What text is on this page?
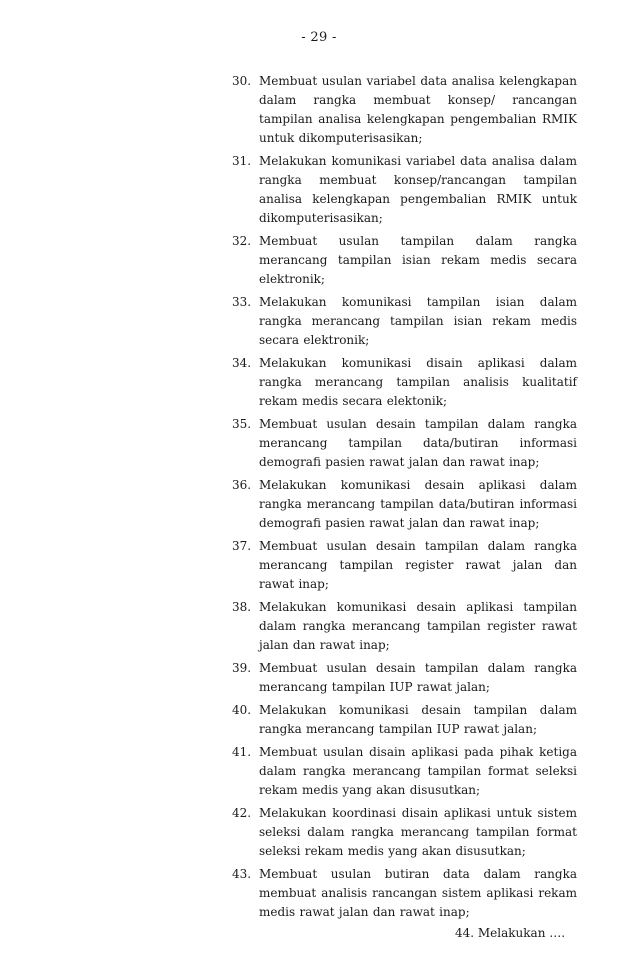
- 29 -
30. Membuat usulan variabel data analisa kelengkapan dalam rangka membuat konsep/ rancangan tampilan analisa kelengkapan pengembalian RMIK untuk dikomputerisasikan;
31. Melakukan komunikasi variabel data analisa dalam rangka membuat konsep/rancangan tampilan analisa kelengkapan pengembalian RMIK untuk dikomputerisasikan;
32. Membuat usulan tampilan dalam rangka merancang tampilan isian rekam medis secara elektronik;
33. Melakukan komunikasi tampilan isian dalam rangka merancang tampilan isian rekam medis secara elektronik;
34. Melakukan komunikasi disain aplikasi dalam rangka merancang tampilan analisis kualitatif rekam medis secara elektonik;
35. Membuat usulan desain tampilan dalam rangka merancang tampilan data/butiran informasi demografi pasien rawat jalan dan rawat inap;
36. Melakukan komunikasi desain aplikasi dalam rangka merancang tampilan data/butiran informasi demografi pasien rawat jalan dan rawat inap;
37. Membuat usulan desain tampilan dalam rangka merancang tampilan register rawat jalan dan rawat inap;
38. Melakukan komunikasi desain aplikasi tampilan dalam rangka merancang tampilan register rawat jalan dan rawat inap;
39. Membuat usulan desain tampilan dalam rangka merancang tampilan IUP rawat jalan;
40. Melakukan komunikasi desain tampilan dalam rangka merancang tampilan IUP rawat jalan;
41. Membuat usulan disain aplikasi pada pihak ketiga dalam rangka merancang tampilan format seleksi rekam medis yang akan disusutkan;
42. Melakukan koordinasi disain aplikasi untuk sistem seleksi dalam rangka merancang tampilan format seleksi rekam medis yang akan disusutkan;
43. Membuat usulan butiran data dalam rangka membuat analisis rancangan sistem aplikasi rekam medis rawat jalan dan rawat inap;
44. Melakukan ….
